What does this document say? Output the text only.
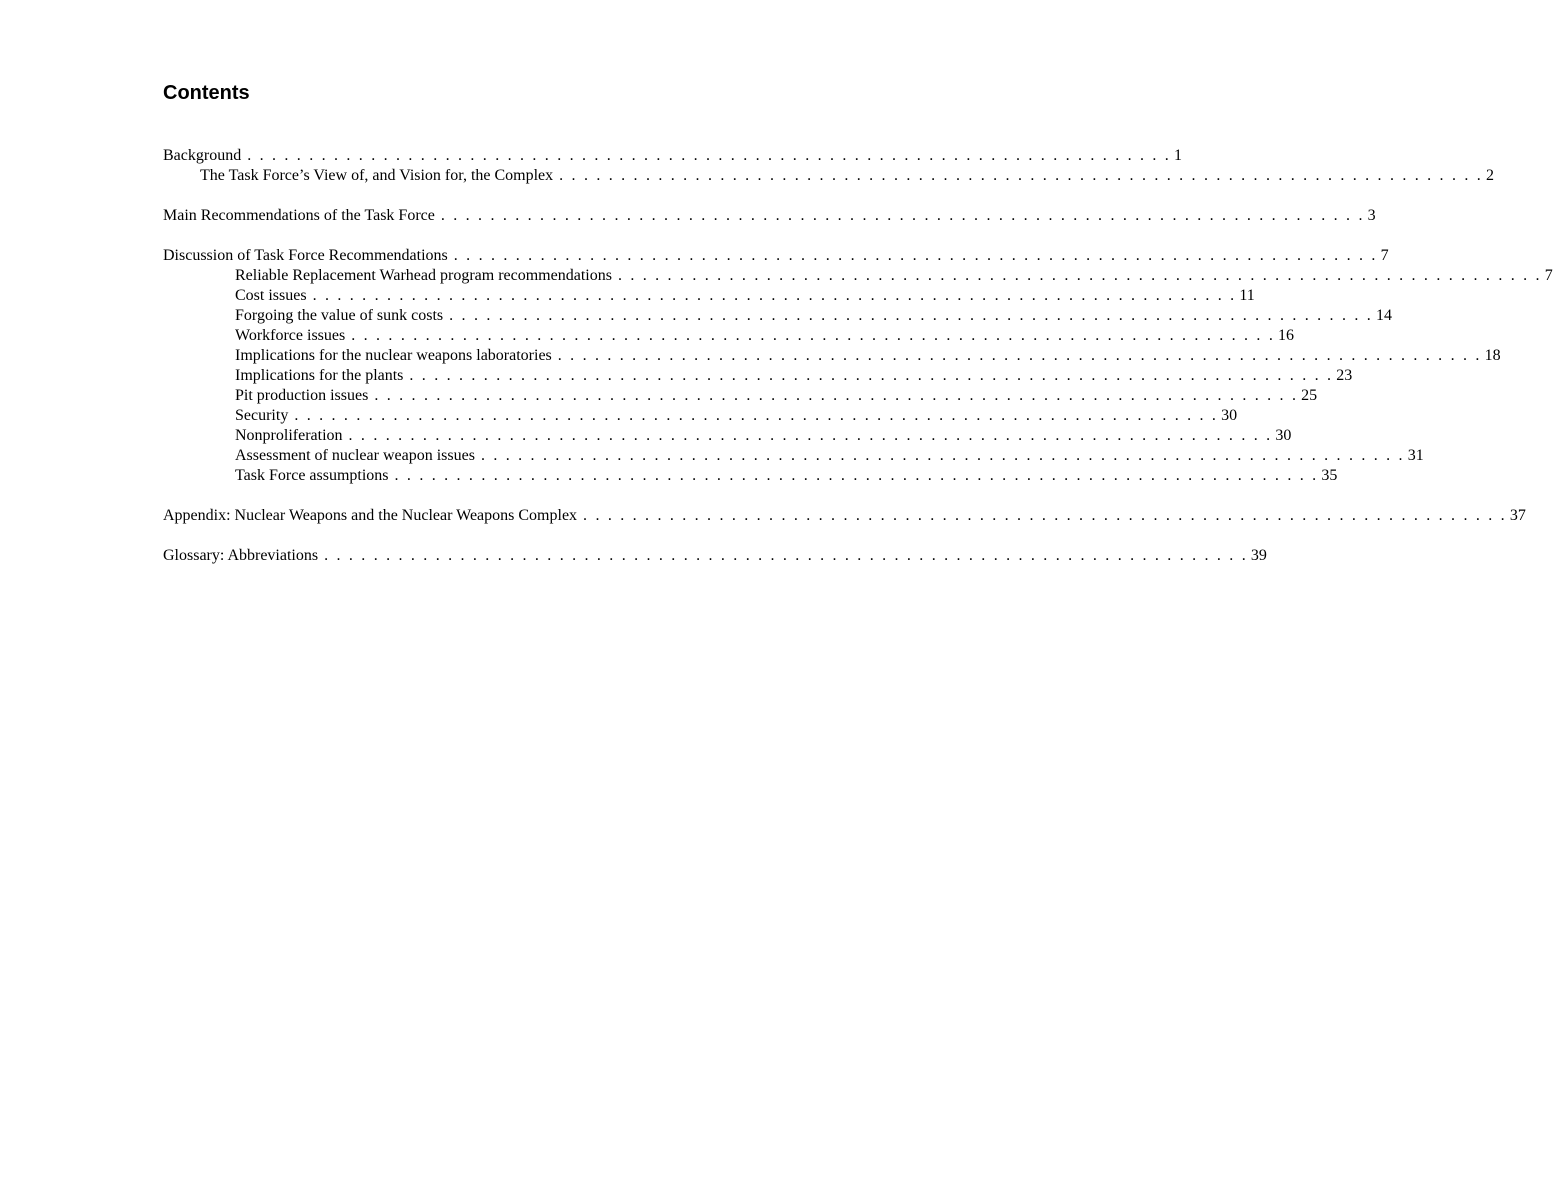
Contents
Background . . . . . . . . . . . . . . . . . . . . . . . . . . . . . . . . . . . . . . . . . . . . . . . . . . . . . . . . . . . . . . . . . . . . . . . . . . . 1
The Task Force’s View of, and Vision for, the Complex . . . . . . . . . . . . . . . . . . . . . . . . . . . . . . . . . . . . . . . . . . . . . . . . . . . . . . . . . . . . . . . . . . . . . . . . . . . 2
Main Recommendations of the Task Force . . . . . . . . . . . . . . . . . . . . . . . . . . . . . . . . . . . . . . . . . . . . . . . . . . . . . . . . . . . . . . . . . . . . . . . . . . . 3
Discussion of Task Force Recommendations . . . . . . . . . . . . . . . . . . . . . . . . . . . . . . . . . . . . . . . . . . . . . . . . . . . . . . . . . . . . . . . . . . . . . . . . . . . 7
Reliable Replacement Warhead program recommendations . . . . . . . . . . . . . . . . . . . . . . . . . . . . . . . . . . . . . . . . . . . . . . . . . . . . . . . . . . . . . . . . . . . . . . . . . . . 7
Cost issues . . . . . . . . . . . . . . . . . . . . . . . . . . . . . . . . . . . . . . . . . . . . . . . . . . . . . . . . . . . . . . . . . . . . . . . . . . . 11
Forgoing the value of sunk costs . . . . . . . . . . . . . . . . . . . . . . . . . . . . . . . . . . . . . . . . . . . . . . . . . . . . . . . . . . . . . . . . . . . . . . . . . . . 14
Workforce issues . . . . . . . . . . . . . . . . . . . . . . . . . . . . . . . . . . . . . . . . . . . . . . . . . . . . . . . . . . . . . . . . . . . . . . . . . . . 16
Implications for the nuclear weapons laboratories . . . . . . . . . . . . . . . . . . . . . . . . . . . . . . . . . . . . . . . . . . . . . . . . . . . . . . . . . . . . . . . . . . . . . . . . . . . 18
Implications for the plants . . . . . . . . . . . . . . . . . . . . . . . . . . . . . . . . . . . . . . . . . . . . . . . . . . . . . . . . . . . . . . . . . . . . . . . . . . . 23
Pit production issues . . . . . . . . . . . . . . . . . . . . . . . . . . . . . . . . . . . . . . . . . . . . . . . . . . . . . . . . . . . . . . . . . . . . . . . . . . . 25
Security . . . . . . . . . . . . . . . . . . . . . . . . . . . . . . . . . . . . . . . . . . . . . . . . . . . . . . . . . . . . . . . . . . . . . . . . . . . 30
Nonproliferation . . . . . . . . . . . . . . . . . . . . . . . . . . . . . . . . . . . . . . . . . . . . . . . . . . . . . . . . . . . . . . . . . . . . . . . . . . . 30
Assessment of nuclear weapon issues . . . . . . . . . . . . . . . . . . . . . . . . . . . . . . . . . . . . . . . . . . . . . . . . . . . . . . . . . . . . . . . . . . . . . . . . . . . 31
Task Force assumptions . . . . . . . . . . . . . . . . . . . . . . . . . . . . . . . . . . . . . . . . . . . . . . . . . . . . . . . . . . . . . . . . . . . . . . . . . . . 35
Appendix: Nuclear Weapons and the Nuclear Weapons Complex . . . . . . . . . . . . . . . . . . . . . . . . . . . . . . . . . . . . . . . . . . . . . . . . . . . . . . . . . . . . . . . . . . . . . . . . . . . 37
Glossary: Abbreviations . . . . . . . . . . . . . . . . . . . . . . . . . . . . . . . . . . . . . . . . . . . . . . . . . . . . . . . . . . . . . . . . . . . . . . . . . . . 39
